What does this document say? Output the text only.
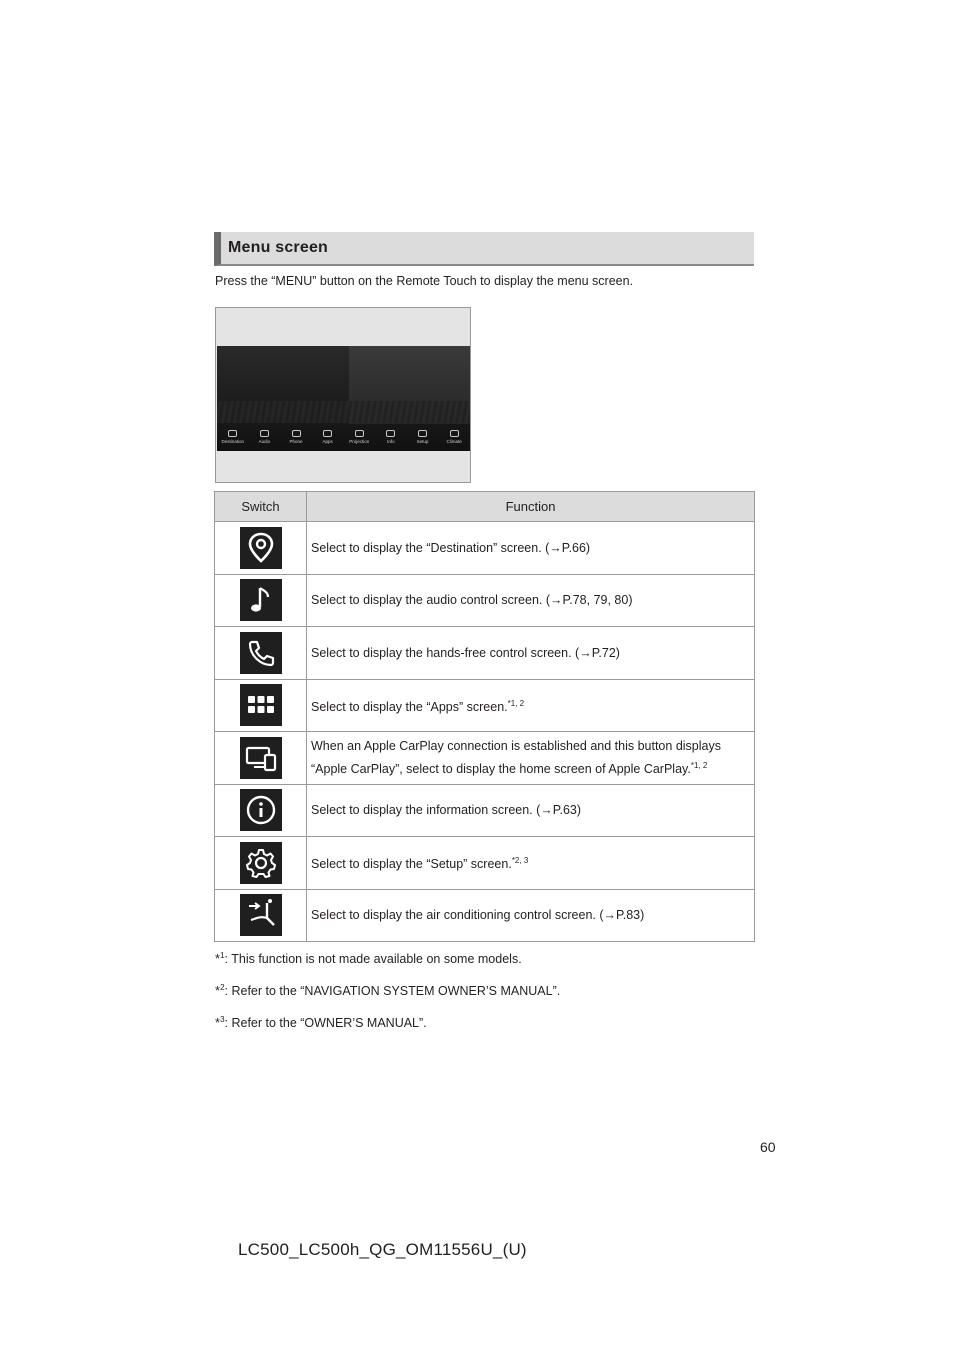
Menu screen
Press the “MENU” button on the Remote Touch to display the menu screen.
Destination	Audio	Phone	Apps	Projection	Info	Setup	Climate
Switch	Function

	Select to display the “Destination” screen. (→P.66)

	Select to display the audio control screen. (→P.78, 79, 80)

	Select to display the hands-free control screen. (→P.72)

	Select to display the “Apps” screen.$^{*1, 2}$

	When an Apple CarPlay connection is established and this button displays “Apple CarPlay”, select to display the home screen of Apple CarPlay.$^{*1, 2}$

	Select to display the information screen. (→P.63)

	Select to display the “Setup” screen.$^{*2, 3}$

	Select to display the air conditioning control screen. (→P.83)
*$^1$: This function is not made available on some models.
*$^2$: Refer to the “NAVIGATION SYSTEM OWNER’S MANUAL”.
*$^3$: Refer to the “OWNER’S MANUAL”.
60
LC500_LC500h_QG_OM11556U_(U)
